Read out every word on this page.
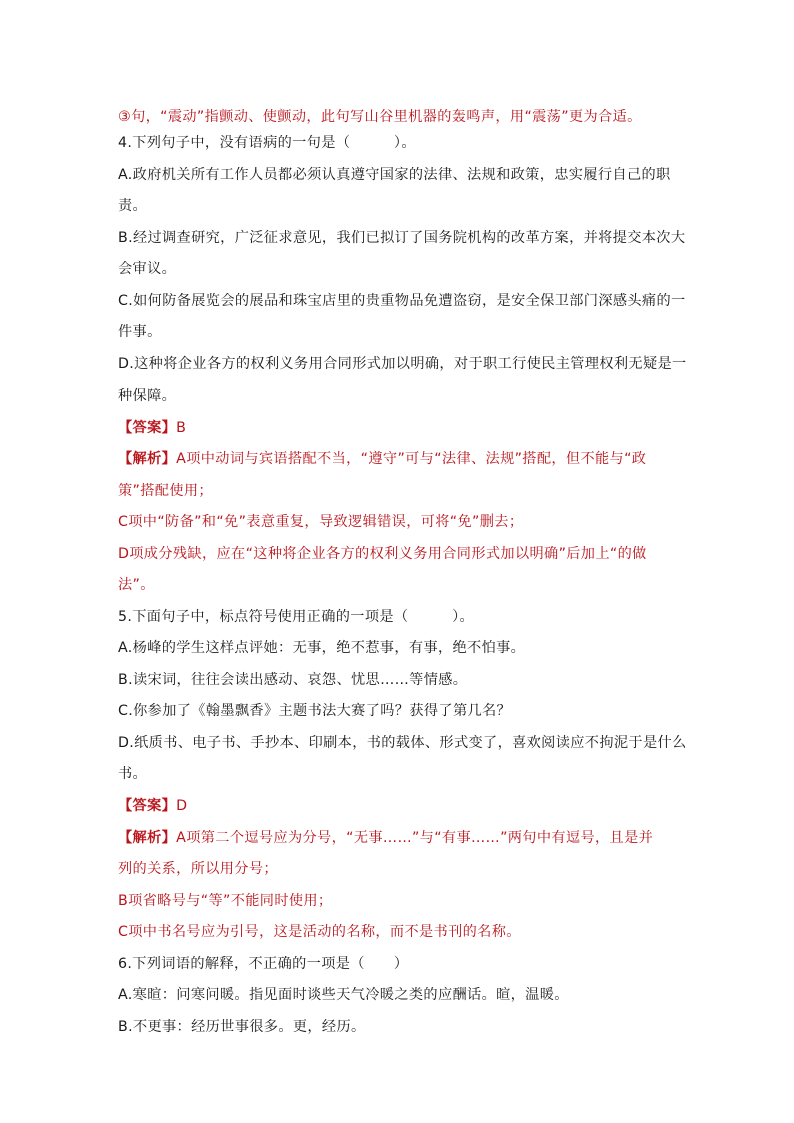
③句，“震动”指颤动、使颤动，此句写山谷里机器的轰鸣声，用“震荡”更为合适。
4.下列句子中，没有语病的一句是（　　　）。
A.政府机关所有工作人员都必须认真遵守国家的法律、法规和政策，忠实履行自己的职
责。
B.经过调查研究，广泛征求意见，我们已拟订了国务院机构的改革方案，并将提交本次大
会审议。
C.如何防备展览会的展品和珠宝店里的贵重物品免遭盗窃，是安全保卫部门深感头痛的一
件事。
D.这种将企业各方的权利义务用合同形式加以明确，对于职工行使民主管理权利无疑是一
种保障。
【答案】B
【解析】A项中动词与宾语搭配不当，“遵守”可与“法律、法规”搭配，但不能与“政
策”搭配使用；
C项中“防备”和“免”表意重复，导致逻辑错误，可将“免”删去；
D项成分残缺，应在“这种将企业各方的权利义务用合同形式加以明确”后加上“的做
法”。
5.下面句子中，标点符号使用正确的一项是（　　　）。
A.杨峰的学生这样点评她：无事，绝不惹事，有事，绝不怕事。
B.读宋词，往往会读出感动、哀怨、忧思……等情感。
C.你参加了《翰墨飘香》主题书法大赛了吗？获得了第几名？
D.纸质书、电子书、手抄本、印刷本，书的载体、形式变了，喜欢阅读应不拘泥于是什么
书。
【答案】D
【解析】A项第二个逗号应为分号，“无事……”与“有事……”两句中有逗号，且是并
列的关系，所以用分号；
B项省略号与“等”不能同时使用；
C项中书名号应为引号，这是活动的名称，而不是书刊的名称。
6.下列词语的解释，不正确的一项是（　　）
A.寒暄：问寒问暖。指见面时谈些天气冷暖之类的应酬话。暄，温暖。
B.不更事：经历世事很多。更，经历。
